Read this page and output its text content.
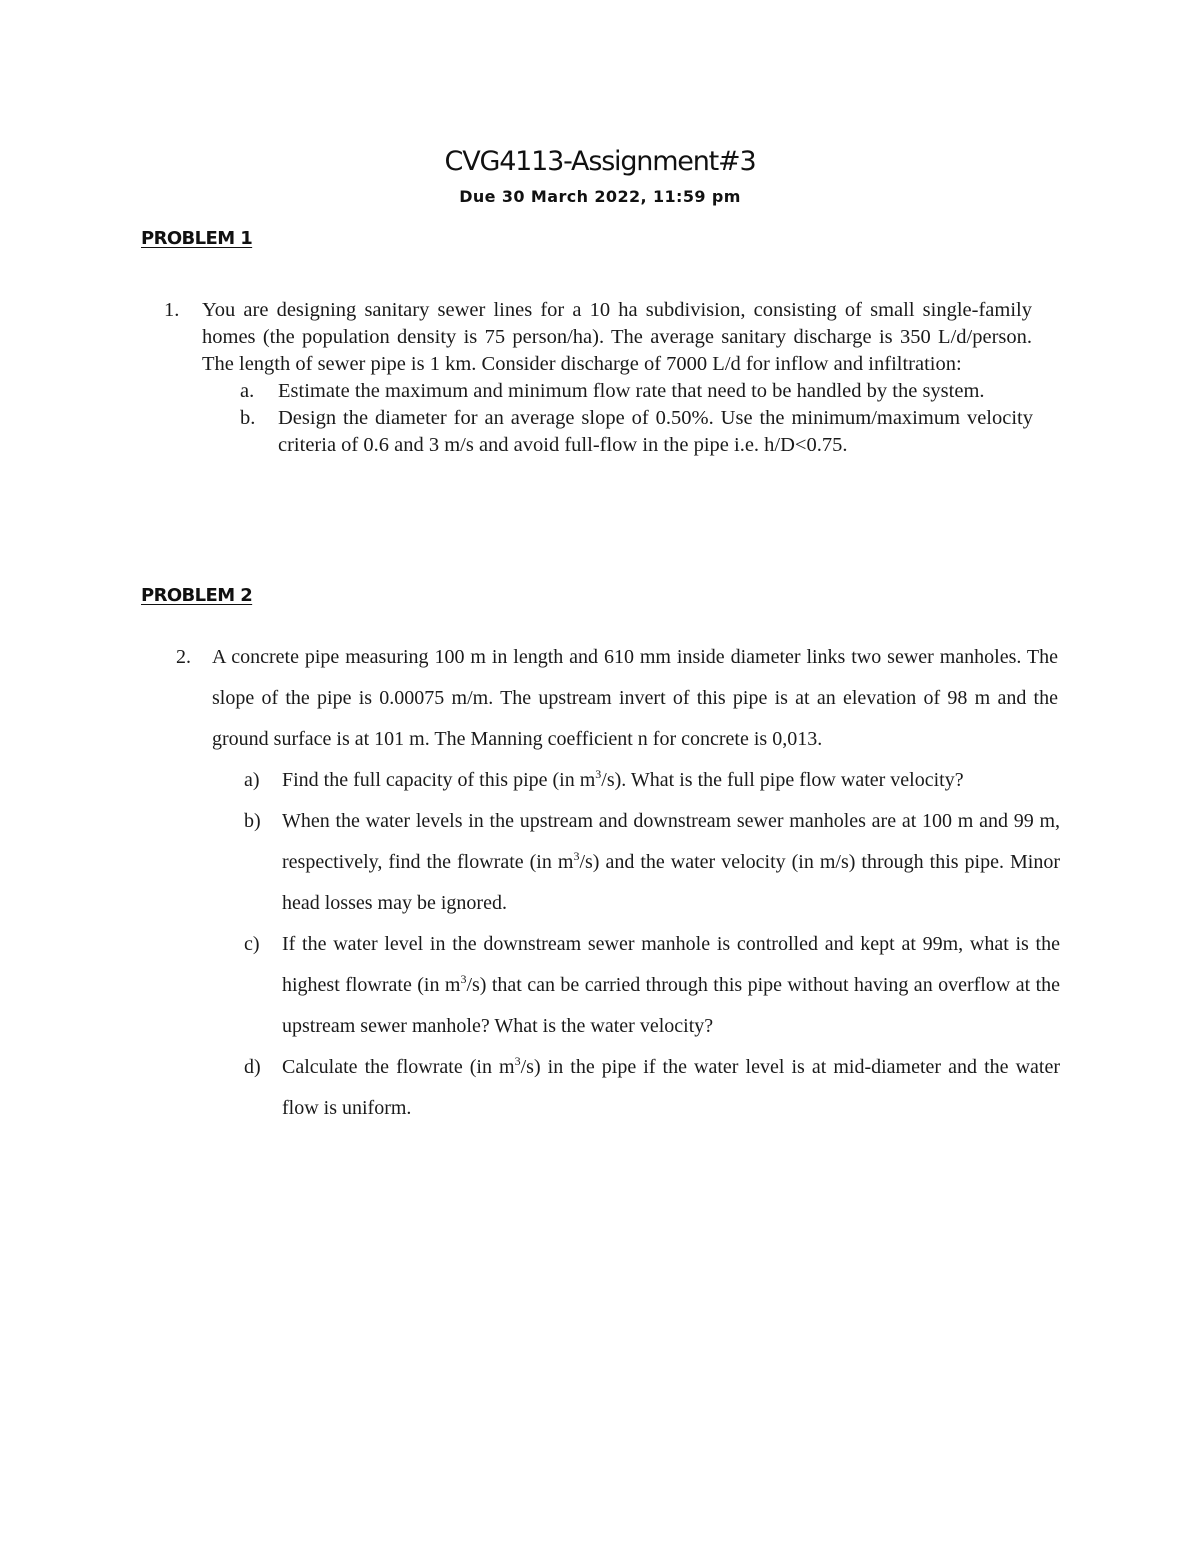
CVG4113-Assignment#3
Due 30 March 2022, 11:59 pm
PROBLEM 1
1.	You are designing sanitary sewer lines for a 10 ha subdivision, consisting of small single-family homes (the population density is 75 person/ha). The average sanitary discharge is 350 L/d/person. The length of sewer pipe is 1 km. Consider discharge of 7000 L/d for inflow and infiltration:
a.	Estimate the maximum and minimum flow rate that need to be handled by the system.
b.	Design the diameter for an average slope of 0.50%. Use the minimum/maximum velocity criteria of 0.6 and 3 m/s and avoid full-flow in the pipe i.e. h/D<0.75.
PROBLEM 2
2.	A concrete pipe measuring 100 m in length and 610 mm inside diameter links two sewer manholes. The slope of the pipe is 0.00075 m/m. The upstream invert of this pipe is at an elevation of 98 m and the ground surface is at 101 m. The Manning coefficient n for concrete is 0,013.
a)	Find the full capacity of this pipe (in $m^3/s$). What is the full pipe flow water velocity?
b)	When the water levels in the upstream and downstream sewer manholes are at 100 m and 99 m, respectively, find the flowrate (in $m^3/s$) and the water velocity (in m/s) through this pipe. Minor head losses may be ignored.
c)	If the water level in the downstream sewer manhole is controlled and kept at 99m, what is the highest flowrate (in $m^3/s$) that can be carried through this pipe without having an overflow at the upstream sewer manhole? What is the water velocity?
d)	Calculate the flowrate (in $m^3/s$) in the pipe if the water level is at mid-diameter and the water flow is uniform.
